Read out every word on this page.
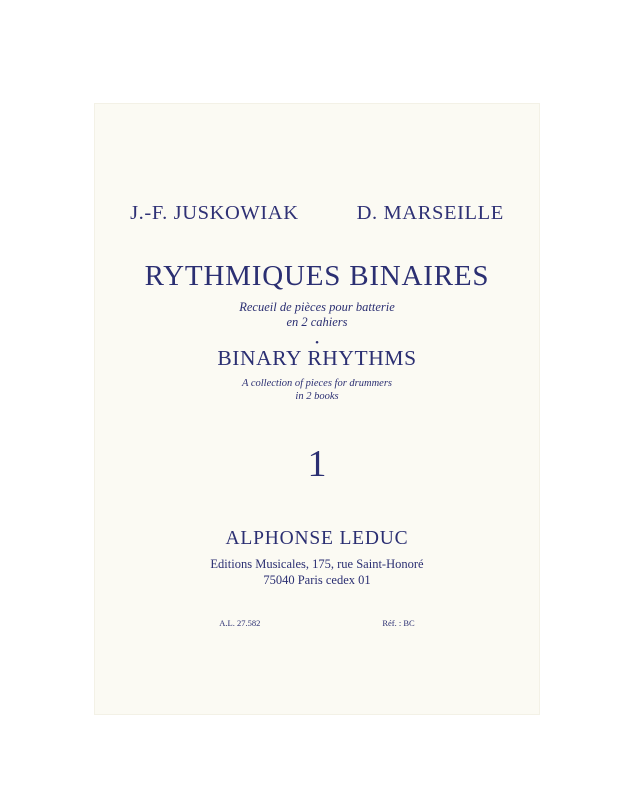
J.-F. JUSKOWIAK	D. MARSEILLE
RYTHMIQUES BINAIRES
Recueil de pièces pour batterie
en 2 cahiers
•
BINARY RHYTHMS
A collection of pieces for drummers
in 2 books
1
ALPHONSE LEDUC
Editions Musicales, 175, rue Saint-Honoré
75040 Paris cedex 01
A.L. 27.582	Réf. : BC
